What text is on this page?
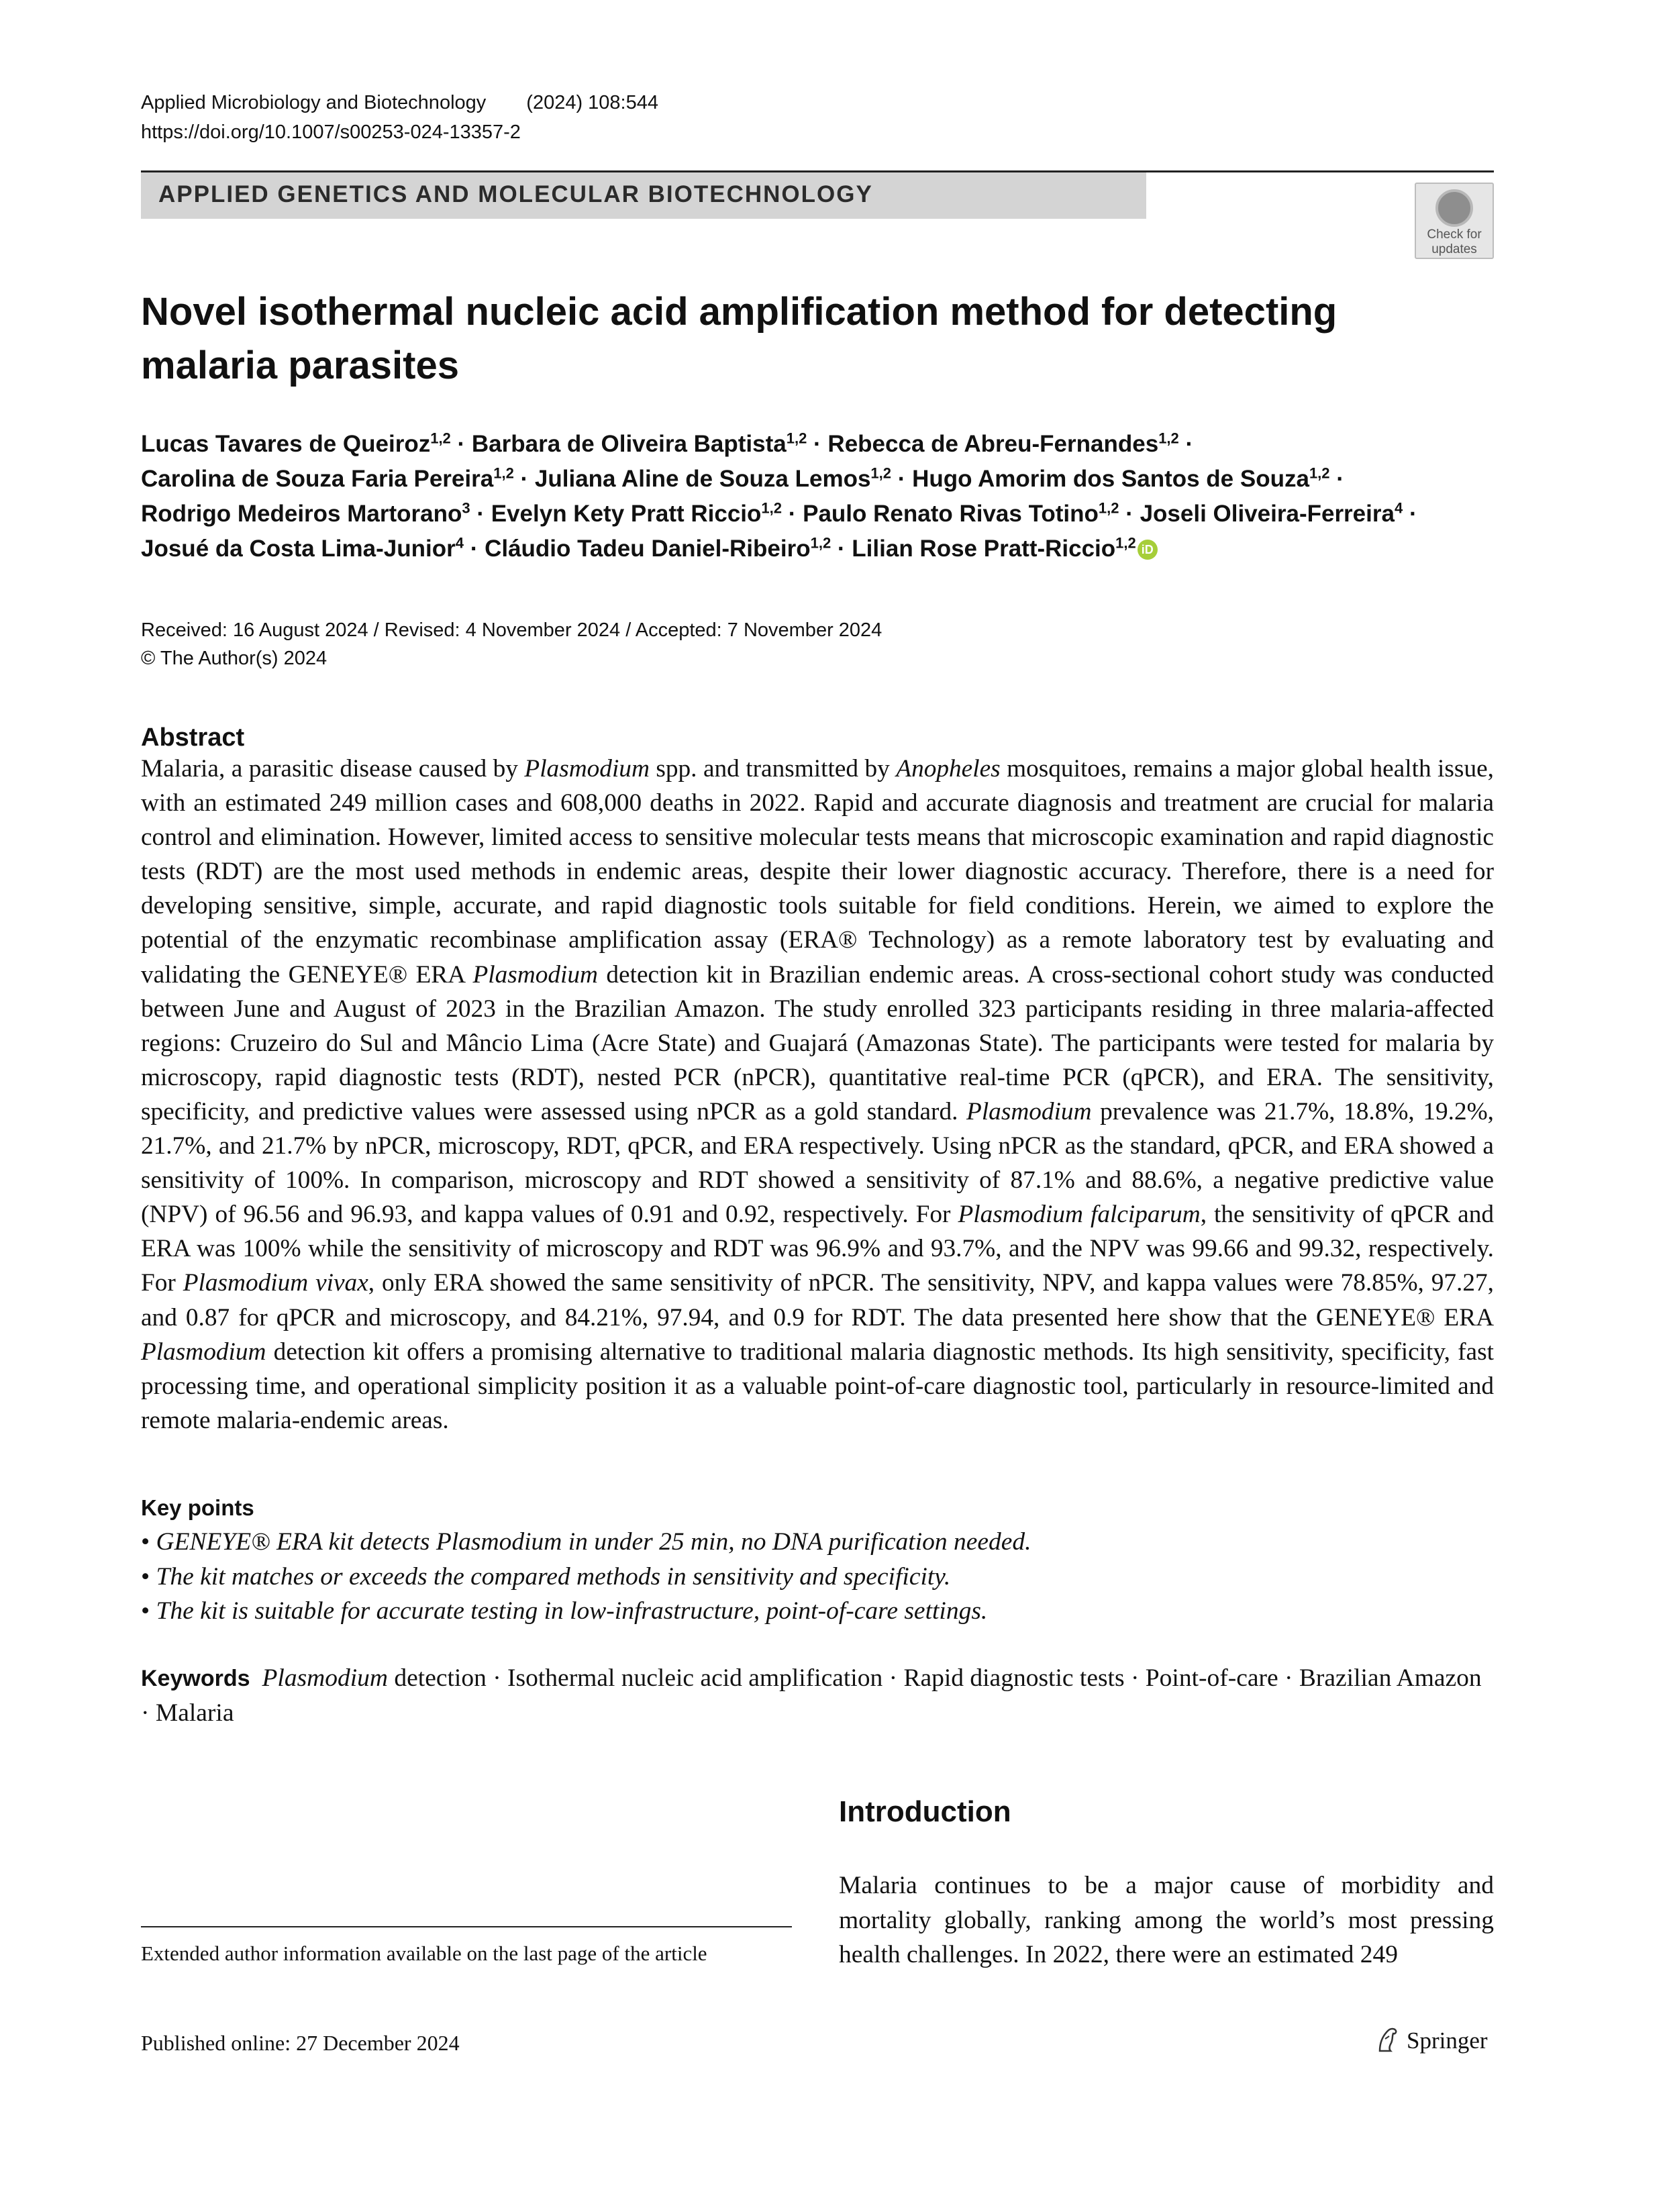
Applied Microbiology and Biotechnology (2024) 108:544
https://doi.org/10.1007/s00253-024-13357-2
APPLIED GENETICS AND MOLECULAR BIOTECHNOLOGY
Check for
updates
Novel isothermal nucleic acid amplification method for detecting
malaria parasites
Lucas Tavares de Queiroz$^{1,2}$ · Barbara de Oliveira Baptista$^{1,2}$ · Rebecca de Abreu-Fernandes$^{1,2}$ ·
Carolina de Souza Faria Pereira$^{1,2}$ · Juliana Aline de Souza Lemos$^{1,2}$ · Hugo Amorim dos Santos de Souza$^{1,2}$ ·
Rodrigo Medeiros Martorano$^3$ · Evelyn Kety Pratt Riccio$^{1,2}$ · Paulo Renato Rivas Totino$^{1,2}$ · Joseli Oliveira-Ferreira$^4$ ·
Josué da Costa Lima-Junior$^4$ · Cláudio Tadeu Daniel-Ribeiro$^{1,2}$ · Lilian Rose Pratt-Riccio$^{1,2}$ iD
Received: 16 August 2024 / Revised: 4 November 2024 / Accepted: 7 November 2024
© The Author(s) 2024
Abstract
Malaria, a parasitic disease caused by Plasmodium spp. and transmitted by Anopheles mosquitoes, remains a major global health issue, with an estimated 249 million cases and 608,000 deaths in 2022. Rapid and accurate diagnosis and treatment are crucial for malaria control and elimination. However, limited access to sensitive molecular tests means that microscopic examination and rapid diagnostic tests (RDT) are the most used methods in endemic areas, despite their lower diagnostic accuracy. Therefore, there is a need for developing sensitive, simple, accurate, and rapid diagnostic tools suitable for field conditions. Herein, we aimed to explore the potential of the enzymatic recombinase amplification assay (ERA® Technology) as a remote laboratory test by evaluating and validating the GENEYE® ERA Plasmodium detection kit in Brazilian endemic areas. A cross-sectional cohort study was conducted between June and August of 2023 in the Brazilian Amazon. The study enrolled 323 participants residing in three malaria-affected regions: Cruzeiro do Sul and Mâncio Lima (Acre State) and Guajará (Amazonas State). The participants were tested for malaria by microscopy, rapid diagnostic tests (RDT), nested PCR (nPCR), quantitative real-time PCR (qPCR), and ERA. The sensitivity, specificity, and predictive values were assessed using nPCR as a gold standard. Plasmodium prevalence was 21.7%, 18.8%, 19.2%, 21.7%, and 21.7% by nPCR, microscopy, RDT, qPCR, and ERA respectively. Using nPCR as the standard, qPCR, and ERA showed a sensitivity of 100%. In comparison, microscopy and RDT showed a sensitivity of 87.1% and 88.6%, a negative predictive value (NPV) of 96.56 and 96.93, and kappa values of 0.91 and 0.92, respectively. For Plasmodium falciparum, the sensitivity of qPCR and ERA was 100% while the sensitivity of microscopy and RDT was 96.9% and 93.7%, and the NPV was 99.66 and 99.32, respectively. For Plasmodium vivax, only ERA showed the same sensitivity of nPCR. The sensitivity, NPV, and kappa values were 78.85%, 97.27, and 0.87 for qPCR and microscopy, and 84.21%, 97.94, and 0.9 for RDT. The data presented here show that the GENEYE® ERA Plasmodium detection kit offers a promising alternative to traditional malaria diagnostic methods. Its high sensitivity, specificity, fast processing time, and operational simplicity position it as a valuable point-of-care diagnostic tool, particularly in resource-limited and remote malaria-endemic areas.
Key points
• GENEYE® ERA kit detects Plasmodium in under 25 min, no DNA purification needed.
• The kit matches or exceeds the compared methods in sensitivity and specificity.
• The kit is suitable for accurate testing in low-infrastructure, point-of-care settings.
Keywords Plasmodium detection · Isothermal nucleic acid amplification · Rapid diagnostic tests · Point-of-care · Brazilian Amazon · Malaria
Introduction
Malaria continues to be a major cause of morbidity and mortality globally, ranking among the world’s most pressing health challenges. In 2022, there were an estimated 249
Extended author information available on the last page of the article
Published online: 27 December 2024	Springer
